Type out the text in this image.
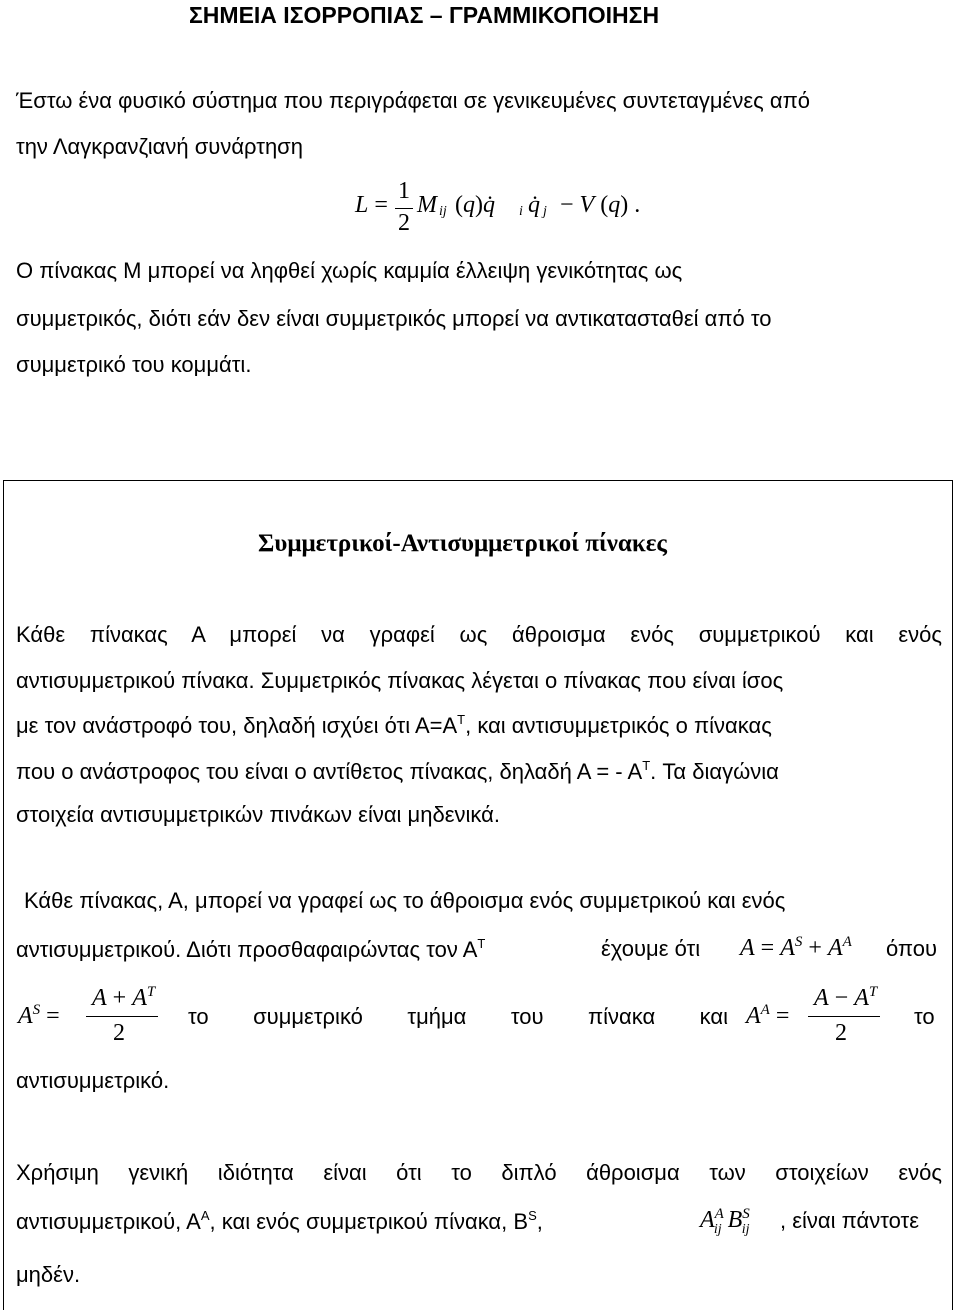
ΣΗΜΕΙΑ ΙΣΟΡΡΟΠΙΑΣ – ΓΡΑΜΜΙΚΟΠΟΙΗΣΗ
Έστω ένα φυσικό σύστημα που περιγράφεται σε γενικευμένες συντεταγμένες από
την Λαγκρανζιανή συνάρτηση
L =
1
2
M ij (q)q̇ i q̇ j − V (q) .
Ο πίνακας Μ μπορεί να ληφθεί χωρίς καμμία έλλειψη γενικότητας ως
συμμετρικός, διότι εάν δεν είναι συμμετρικός μπορεί να αντικατασταθεί από το
συμμετρικό του κομμάτι.
Συμμετρικοί-Αντισυμμετρικοί πίνακες
Κάθε πίνακας Α μπορεί να γραφεί ως άθροισμα ενός συμμετρικού και ενός
αντισυμμετρικού πίνακα. Συμμετρικός πίνακας λέγεται ο πίνακας που είναι ίσος
με τον ανάστροφό του, δηλαδή ισχύει ότι $A=A^T$, και αντισυμμετρικός ο πίνακας
που ο ανάστροφος του είναι ο αντίθετος πίνακας, δηλαδή Α = - $A^T$. Τα διαγώνια
στοιχεία αντισυμμετρικών πινάκων είναι μηδενικά.
Κάθε πίνακας, Α, μπορεί να γραφεί ως το άθροισμα ενός συμμετρικού και ενός
αντισυμμετρικού. Διότι προσθαφαιρώντας τον $A^T$	έχουμε ότι $A = A^S + A^A$ όπου
$A^S$ =
$A + A^T$
2
το συμμετρικό τμήμα του πίνακα και $A^A$ =
$A - A^T$
2
το
αντισυμμετρικό.
Χρήσιμη γενική ιδιότητα είναι ότι το διπλό άθροισμα των στοιχείων ενός
αντισυμμετρικού, $A^A$, και ενός συμμετρικού πίνακα, $B^S$,	$A^A_{ij}$ $B^S_{ij}$ , είναι πάντοτε
μηδέν.
